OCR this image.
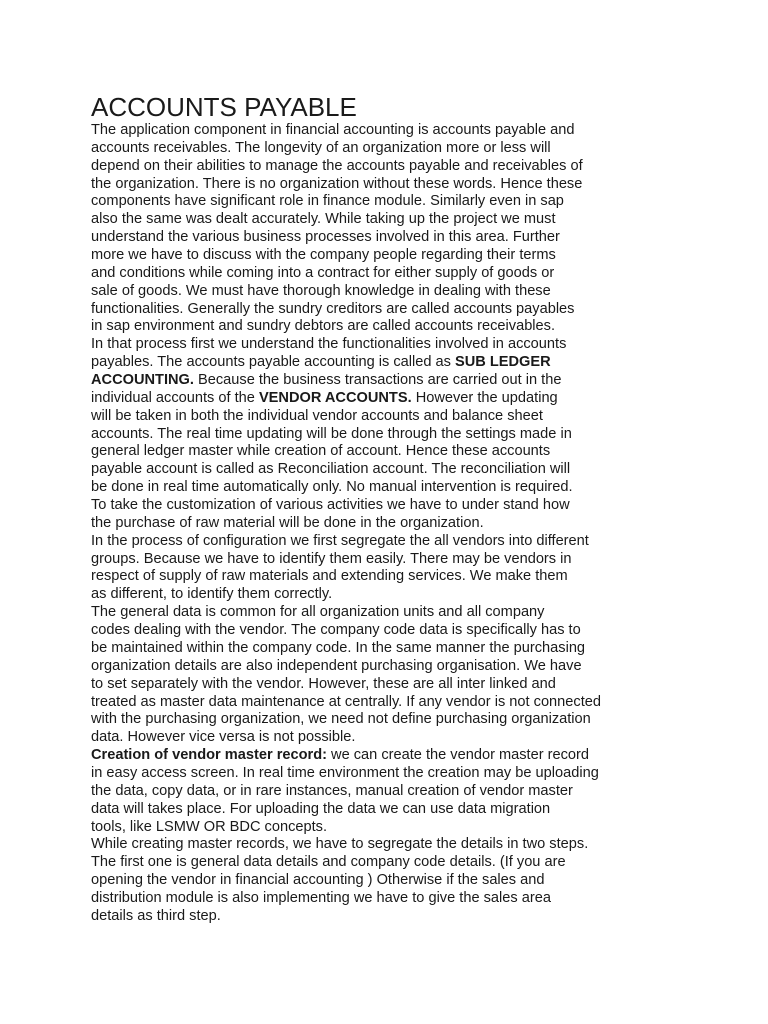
ACCOUNTS PAYABLE
The application component in financial accounting is accounts payable and
accounts receivables. The longevity of an organization more or less will
depend on their abilities to manage the accounts payable and receivables of
the organization. There is no organization without these words. Hence these
components have significant role in finance module. Similarly even in sap
also the same was dealt accurately. While taking up the project we must
understand the various business processes involved in this area. Further
more we have to discuss with the company people regarding their terms
and conditions while coming into a contract for either supply of goods or
sale of goods. We must have thorough knowledge in dealing with these
functionalities. Generally the sundry creditors are called accounts payables
in sap environment and sundry debtors are called accounts receivables.
In that process first we understand the functionalities involved in accounts
payables. The accounts payable accounting is called as SUB LEDGER
ACCOUNTING. Because the business transactions are carried out in the
individual accounts of the VENDOR ACCOUNTS. However the updating
will be taken in both the individual vendor accounts and balance sheet
accounts. The real time updating will be done through the settings made in
general ledger master while creation of account. Hence these accounts
payable account is called as Reconciliation account. The reconciliation will
be done in real time automatically only. No manual intervention is required.
To take the customization of various activities we have to under stand how
the purchase of raw material will be done in the organization.
In the process of configuration we first segregate the all vendors into different
groups. Because we have to identify them easily. There may be vendors in
respect of supply of raw materials and extending services. We make them
as different, to identify them correctly.
The general data is common for all organization units and all company
codes dealing with the vendor. The company code data is specifically has to
be maintained within the company code. In the same manner the purchasing
organization details are also independent purchasing organisation. We have
to set separately with the vendor. However, these are all inter linked and
treated as master data maintenance at centrally. If any vendor is not connected
with the purchasing organization, we need not define purchasing organization
data. However vice versa is not possible.
Creation of vendor master record: we can create the vendor master record
in easy access screen. In real time environment the creation may be uploading
the data, copy data, or in rare instances, manual creation of vendor master
data will takes place. For uploading the data we can use data migration
tools, like LSMW OR BDC concepts.
While creating master records, we have to segregate the details in two steps.
The first one is general data details and company code details. (If you are
opening the vendor in financial accounting ) Otherwise if the sales and
distribution module is also implementing we have to give the sales area
details as third step.
